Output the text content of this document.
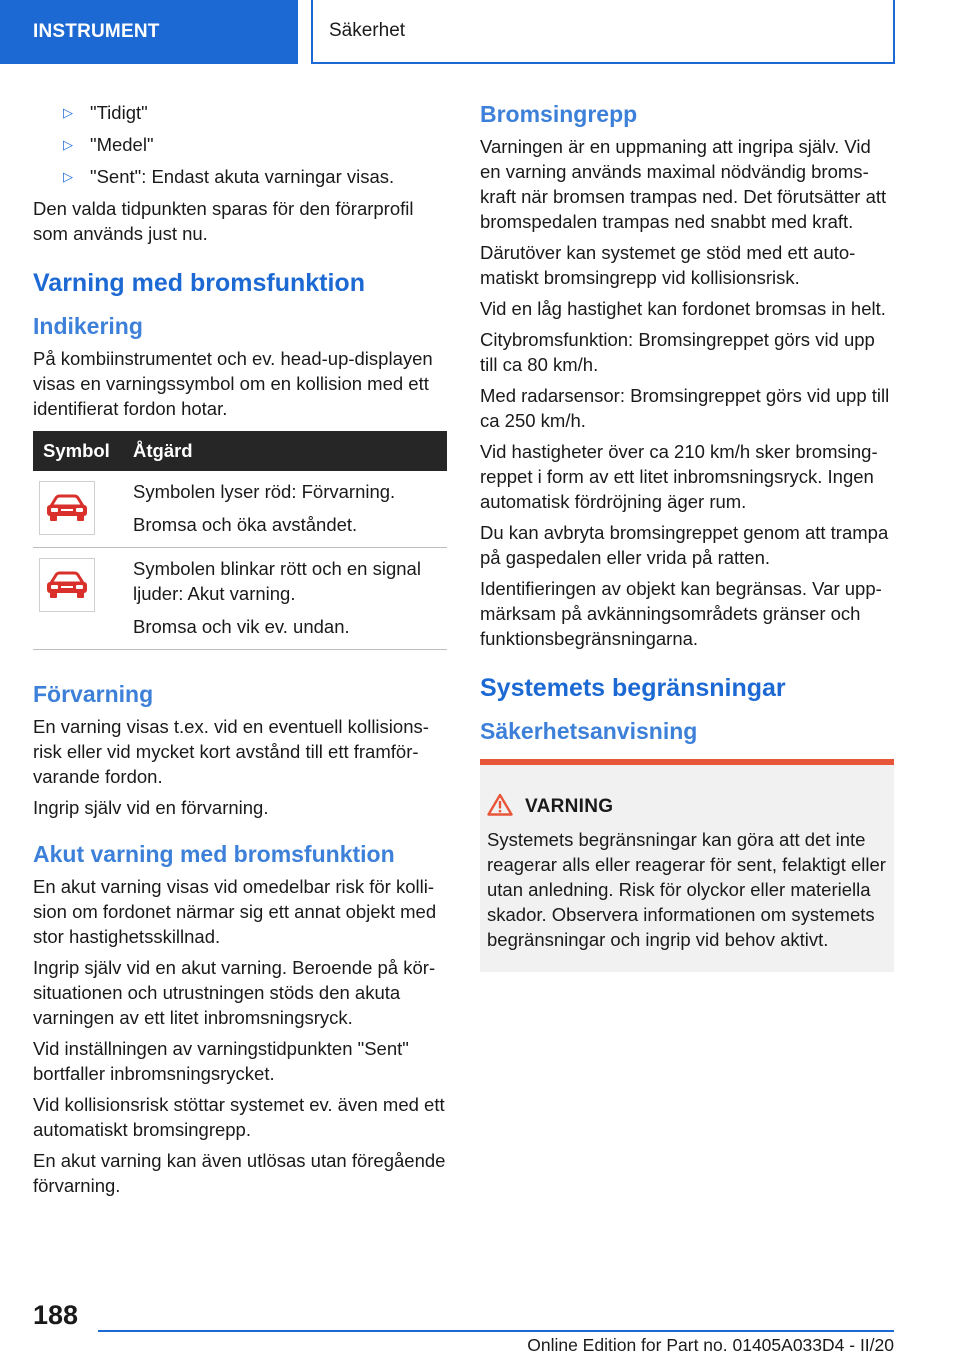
INSTRUMENT	Säkerhet
▷ "Tidigt"
▷ "Medel"
▷ "Sent": Endast akuta varningar visas.

Den valda tidpunkten sparas för den förarprofil som används just nu.

Varning med bromsfunktion
Indikering

På kombiinstrumentet och ev. head-up-displayen visas en varningssymbol om en kollision med ett identifierat fordon hotar.

Symbol	Åtgärd

Symbolen lyser röd: Förvarning.

Bromsa och öka avståndet.

Symbolen blinkar rött och en signal ljuder: Akut varning.

Bromsa och vik ev. undan.

Förvarning

En varning visas t.ex. vid en eventuell kollisionsrisk eller vid mycket kort avstånd till ett framförvarande fordon.

Ingrip själv vid en förvarning.

Akut varning med bromsfunktion

En akut varning visas vid omedelbar risk för kollision om fordonet närmar sig ett annat objekt med stor hastighetsskillnad.

Ingrip själv vid en akut varning. Beroende på körsituationen och utrustningen stöds den akuta varningen av ett litet inbromsningsryck.

Vid inställningen av varningstidpunkten "Sent" bortfaller inbromsningsrycket.

Vid kollisionsrisk stöttar systemet ev. även med ett automatiskt bromsingrepp.

En akut varning kan även utlösas utan föregående förvarning.

Bromsingrepp

Varningen är en uppmaning att ingripa själv. Vid en varning används maximal nödvändig bromskraft när bromsen trampas ned. Det förutsätter att bromspedalen trampas ned snabbt med kraft.

Därutöver kan systemet ge stöd med ett automatiskt bromsingrepp vid kollisionsrisk.

Vid en låg hastighet kan fordonet bromsas in helt.

Citybromsfunktion: Bromsingreppet görs vid upp till ca 80 km/h.

Med radarsensor: Bromsingreppet görs vid upp till ca 250 km/h.

Vid hastigheter över ca 210 km/h sker bromsingreppet i form av ett litet inbromsningsryck. Ingen automatisk fördröjning äger rum.

Du kan avbryta bromsingreppet genom att trampa på gaspedalen eller vrida på ratten.

Identifieringen av objekt kan begränsas. Var uppmärksam på avkänningsområdets gränser och funktionsbegränsningarna.

Systemets begränsningar
Säkerhetsanvisning
VARNING

Systemets begränsningar kan göra att det inte reagerar alls eller reagerar för sent, felaktigt eller utan anledning. Risk för olyckor eller materiella skador. Observera informationen om systemets begränsningar och ingrip vid behov aktivt.

188
Online Edition for Part no. 01405A033D4 - II/20
